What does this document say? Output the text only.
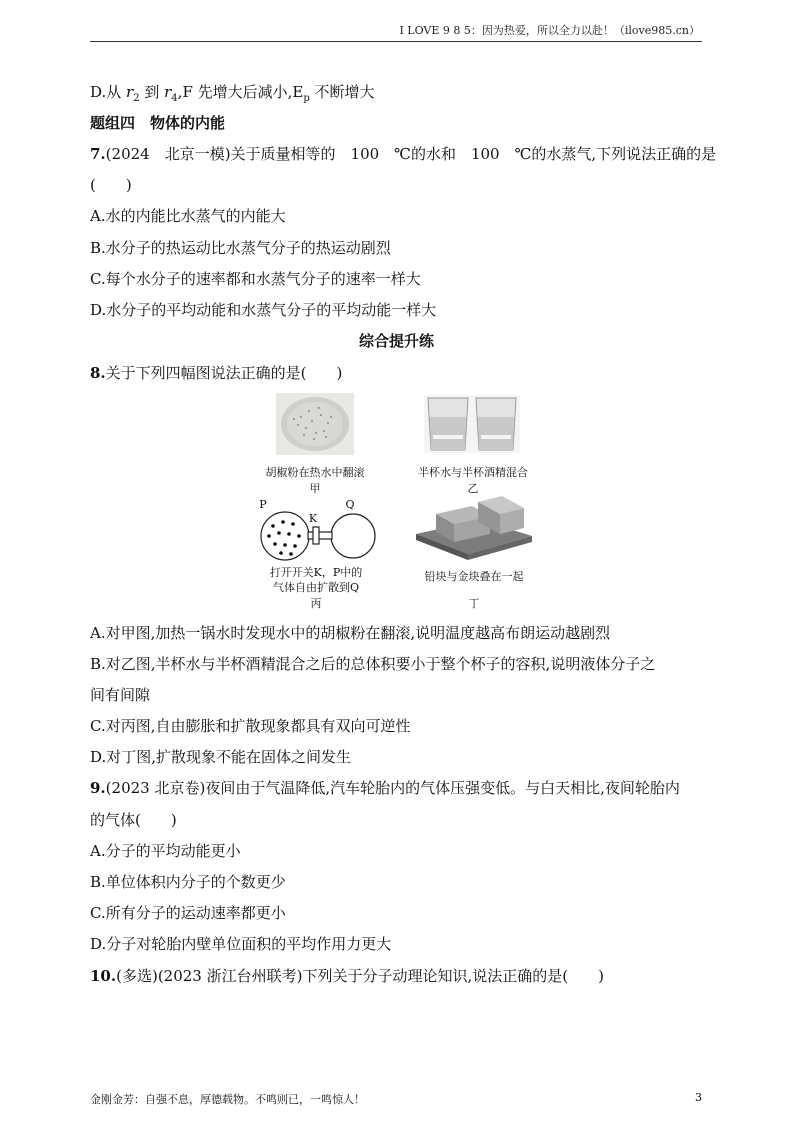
I LOVE 9 8 5：因为热爱，所以全力以赴！（ilove985.cn）
D.从 $r_2$ 到 $r_4,F$ 先增大后减小$,E_p$ 不断增大
题组四　物体的内能
7.(2024　北京一模)关于质量相等的　100　℃的水和　100　℃的水蒸气,下列说法正确的是
(　　)
A.水的内能比水蒸气的内能大
B.水分子的热运动比水蒸气分子的热运动剧烈
C.每个水分子的速率都和水蒸气分子的速率一样大
D.水分子的平均动能和水蒸气分子的平均动能一样大
综合提升练
8.关于下列四幅图说法正确的是(　　)
胡椒粉在热水中翻滚
甲
半杯水与半杯酒精混合
乙
P
K
Q
打开开关K，P中的
气体自由扩散到Q
丙
铅块与金块叠在一起
丁
A.对甲图,加热一锅水时发现水中的胡椒粉在翻滚,说明温度越高布朗运动越剧烈
B.对乙图,半杯水与半杯酒精混合之后的总体积要小于整个杯子的容积,说明液体分子之
间有间隙
C.对丙图,自由膨胀和扩散现象都具有双向可逆性
D.对丁图,扩散现象不能在固体之间发生
9.(2023 北京卷)夜间由于气温降低,汽车轮胎内的气体压强变低。与白天相比,夜间轮胎内
的气体(　　)
A.分子的平均动能更小
B.单位体积内分子的个数更少
C.所有分子的运动速率都更小
D.分子对轮胎内壁单位面积的平均作用力更大
10.(多选)(2023 浙江台州联考)下列关于分子动理论知识,说法正确的是(　　)
金刚金芳：自强不息，厚德载物。不鸣则已，一鸣惊人！	3
